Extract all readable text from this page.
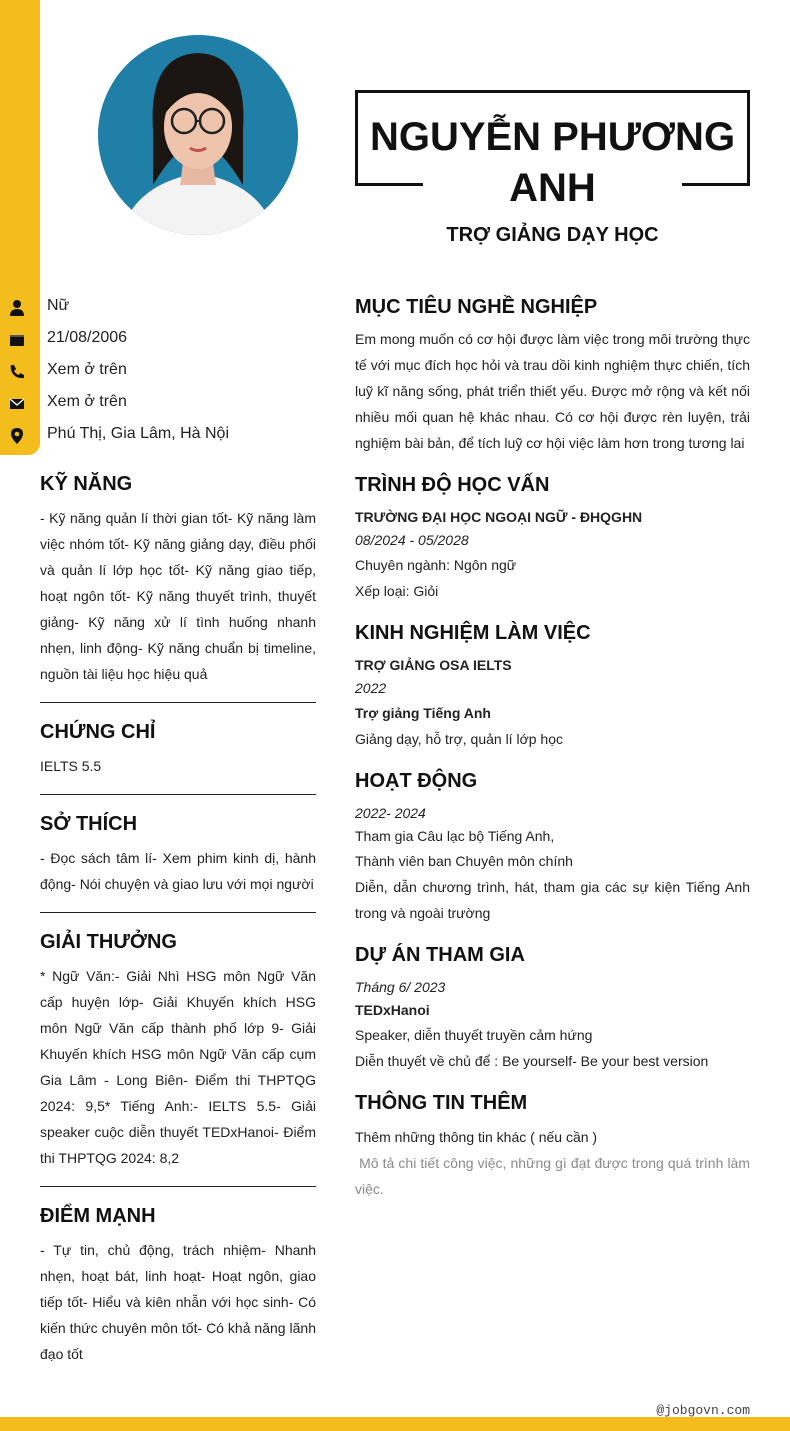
NGUYỄN PHƯƠNG ANH
TRỢ GIẢNG DẠY HỌC
Nữ
21/08/2006
Xem ở trên
Xem ở trên
Phú Thị, Gia Lâm, Hà Nội
KỸ NĂNG

- Kỹ năng quản lí thời gian tốt- Kỹ năng làm việc nhóm tốt- Kỹ năng giảng dạy, điều phối và quản lí lớp học tốt- Kỹ năng giao tiếp, hoạt ngôn tốt- Kỹ năng thuyết trình, thuyết giảng- Kỹ năng xử lí tình huống nhanh nhẹn, linh động- Kỹ năng chuẩn bị timeline, nguồn tài liệu học hiệu quả

CHỨNG CHỈ

IELTS 5.5

SỞ THÍCH

- Đọc sách tâm lí- Xem phim kinh dị, hành động- Nói chuyện và giao lưu với mọi người

GIẢI THƯỞNG

* Ngữ Văn:- Giải Nhì HSG môn Ngữ Văn cấp huyện lớp- Giải Khuyến khích HSG môn Ngữ Văn cấp thành phố lớp 9- Giải Khuyến khích HSG môn Ngữ Văn cấp cụm Gia Lâm - Long Biên- Điểm thi THPTQG 2024: 9,5* Tiếng Anh:- IELTS 5.5- Giải speaker cuộc diễn thuyết TEDxHanoi- Điểm thi THPTQG 2024: 8,2

ĐIỂM MẠNH

- Tự tin, chủ động, trách nhiệm- Nhanh nhẹn, hoạt bát, linh hoạt- Hoạt ngôn, giao tiếp tốt- Hiểu và kiên nhẫn với học sinh- Có kiến thức chuyên môn tốt- Có khả năng lãnh đạo tốt

MỤC TIÊU NGHỀ NGHIỆP

Em mong muốn có cơ hội được làm việc trong môi trường thực tế với mục đích học hỏi và trau dồi kinh nghiệm thực chiến, tích luỹ kĩ năng sống, phát triển thiết yếu. Được mở rộng và kết nối nhiều mối quan hệ khác nhau. Có cơ hội được rèn luyện, trải nghiệm bài bản, để tích luỹ cơ hội việc làm hơn trong tương lai

TRÌNH ĐỘ HỌC VẤN
TRƯỜNG ĐẠI HỌC NGOẠI NGỮ - ĐHQGHN
08/2024 - 05/2028
Chuyên ngành: Ngôn ngữ
Xếp loại: Giỏi
KINH NGHIỆM LÀM VIỆC
TRỢ GIẢNG OSA IELTS
2022
Trợ giảng Tiếng Anh
Giảng dạy, hỗ trợ, quản lí lớp học
HOẠT ĐỘNG
2022- 2024
Tham gia Câu lạc bộ Tiếng Anh,
Thành viên ban Chuyên môn chính

Diễn, dẫn chương trình, hát, tham gia các sự kiện Tiếng Anh trong và ngoài trường

DỰ ÁN THAM GIA
Tháng 6/ 2023
TEDxHanoi
Speaker, diễn thuyết truyền cảm hứng
Diễn thuyết về chủ để : Be yourself- Be your best version
THÔNG TIN THÊM
Thêm những thông tin khác ( nếu cần )

Mô tả chi tiết công việc, những gì đạt được trong quá trình làm việc.

@jobgovn.com
